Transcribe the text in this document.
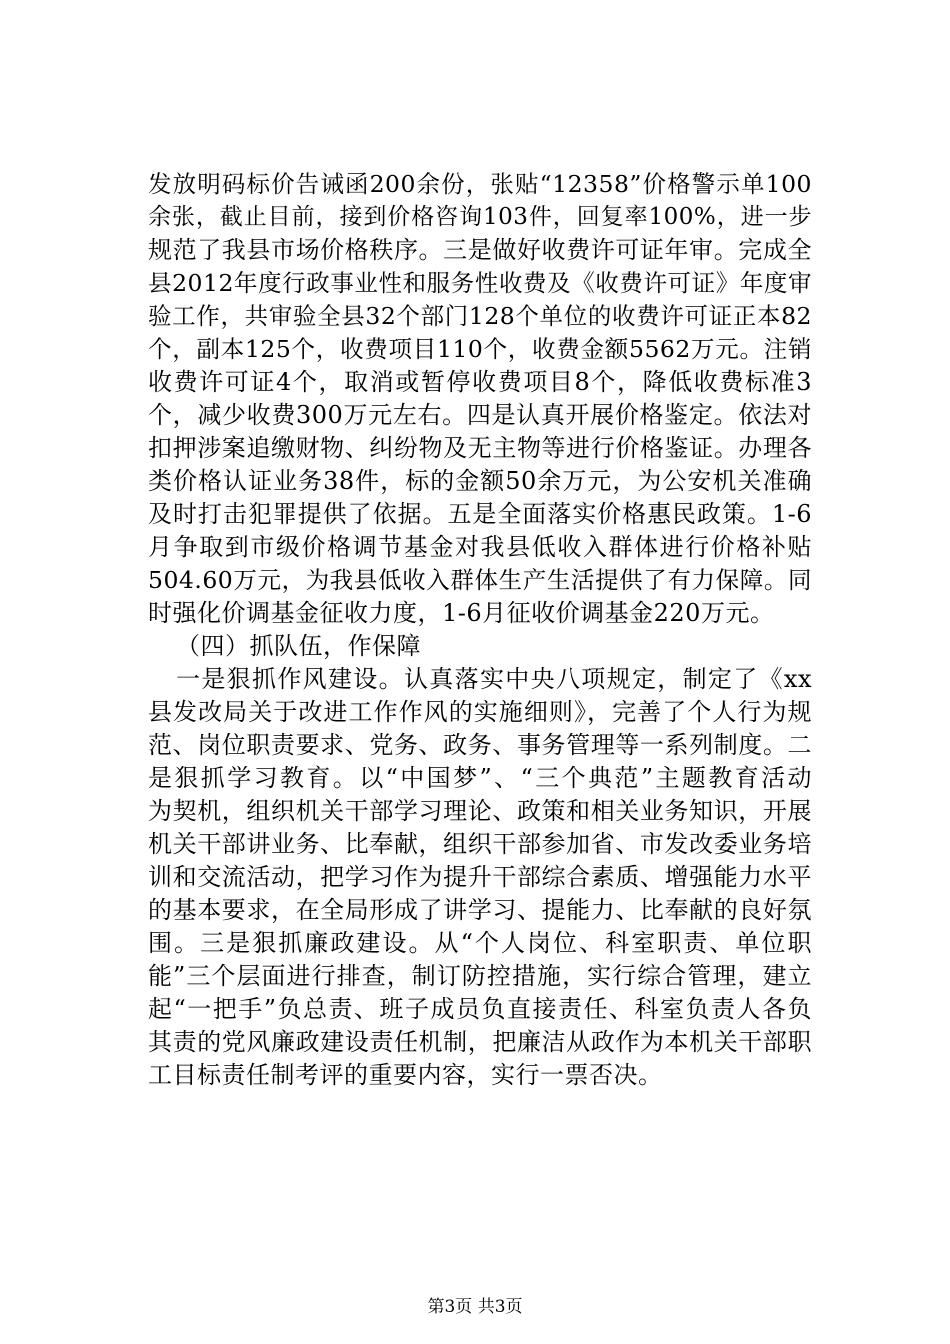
发放明码标价告诫函200余份，张贴“12358”价格警示单100
余张，截止目前，接到价格咨询103件，回复率100%，进一步
规范了我县市场价格秩序。三是做好收费许可证年审。完成全
县2012年度行政事业性和服务性收费及《收费许可证》年度审
验工作，共审验全县32个部门128个单位的收费许可证正本82
个，副本125个，收费项目110个，收费金额5562万元。注销
收费许可证4个，取消或暂停收费项目8个，降低收费标准3
个，减少收费300万元左右。四是认真开展价格鉴定。依法对
扣押涉案追缴财物、纠纷物及无主物等进行价格鉴证。办理各
类价格认证业务38件，标的金额50余万元，为公安机关准确
及时打击犯罪提供了依据。五是全面落实价格惠民政策。1-6
月争取到市级价格调节基金对我县低收入群体进行价格补贴
504.60万元，为我县低收入群体生产生活提供了有力保障。同
时强化价调基金征收力度，1-6月征收价调基金220万元。
（四）抓队伍，作保障
一是狠抓作风建设。认真落实中央八项规定，制定了《xx
县发改局关于改进工作作风的实施细则》，完善了个人行为规
范、岗位职责要求、党务、政务、事务管理等一系列制度。二
是狠抓学习教育。以“中国梦”、“三个典范”主题教育活动
为契机，组织机关干部学习理论、政策和相关业务知识，开展
机关干部讲业务、比奉献，组织干部参加省、市发改委业务培
训和交流活动，把学习作为提升干部综合素质、增强能力水平
的基本要求，在全局形成了讲学习、提能力、比奉献的良好氛
围。三是狠抓廉政建设。从“个人岗位、科室职责、单位职
能”三个层面进行排查，制订防控措施，实行综合管理，建立
起“一把手”负总责、班子成员负直接责任、科室负责人各负
其责的党风廉政建设责任机制，把廉洁从政作为本机关干部职
工目标责任制考评的重要内容，实行一票否决。
第3页 共3页
